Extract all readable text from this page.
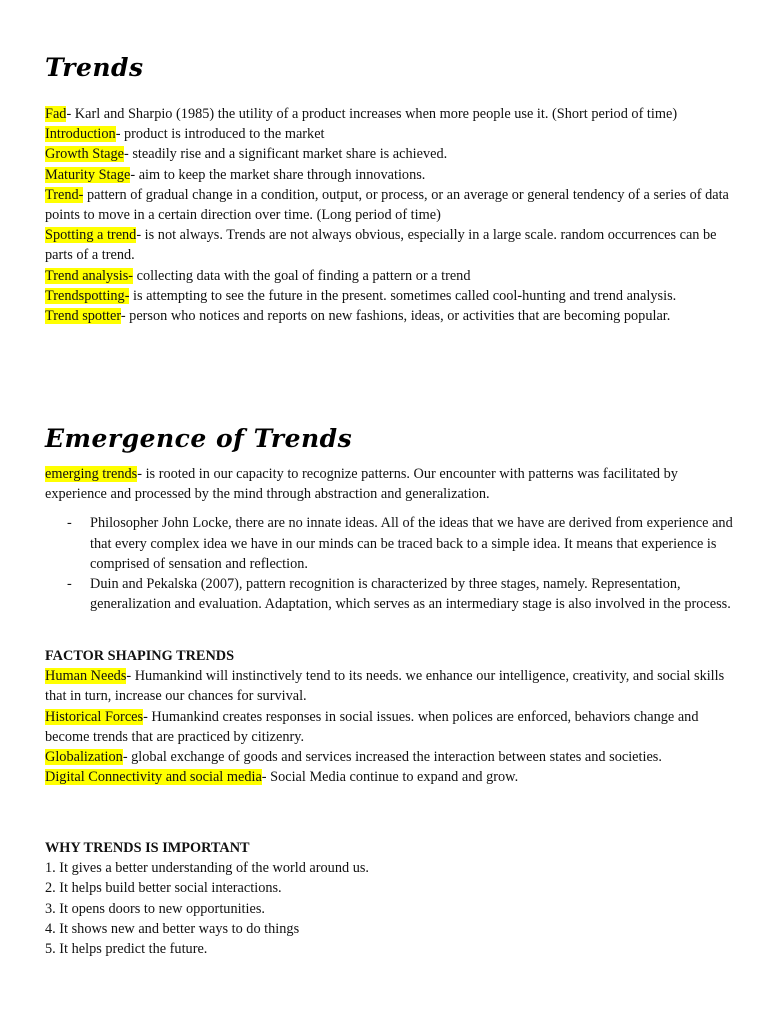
Trends

Fad- Karl and Sharpio (1985) the utility of a product increases when more people use it. (Short period of time)

Introduction- product is introduced to the market

Growth Stage- steadily rise and a significant market share is achieved.

Maturity Stage- aim to keep the market share through innovations.

Trend- pattern of gradual change in a condition, output, or process, or an average or general tendency of a series of data points to move in a certain direction over time. (Long period of time)

Spotting a trend- is not always. Trends are not always obvious, especially in a large scale. random occurrences can be parts of a trend.

Trend analysis- collecting data with the goal of finding a pattern or a trend

Trendspotting- is attempting to see the future in the present. sometimes called cool-hunting and trend analysis.

Trend spotter- person who notices and reports on new fashions, ideas, or activities that are becoming popular.

Emergence of Trends

emerging trends- is rooted in our capacity to recognize patterns. Our encounter with patterns was facilitated by experience and processed by the mind through abstraction and generalization.

- Philosopher John Locke, there are no innate ideas. All of the ideas that we have are derived from experience and that every complex idea we have in our minds can be traced back to a simple idea. It means that experience is comprised of sensation and reflection.
- Duin and Pekalska (2007), pattern recognition is characterized by three stages, namely. Representation, generalization and evaluation. Adaptation, which serves as an intermediary stage is also involved in the process.

FACTOR SHAPING TRENDS

Human Needs- Humankind will instinctively tend to its needs. we enhance our intelligence, creativity, and social skills that in turn, increase our chances for survival.

Historical Forces- Humankind creates responses in social issues. when polices are enforced, behaviors change and become trends that are practiced by citizenry.

Globalization- global exchange of goods and services increased the interaction between states and societies.

Digital Connectivity and social media- Social Media continue to expand and grow.

WHY TRENDS IS IMPORTANT

1. It gives a better understanding of the world around us.
2. It helps build better social interactions.
3. It opens doors to new opportunities.
4. It shows new and better ways to do things
5. It helps predict the future.
